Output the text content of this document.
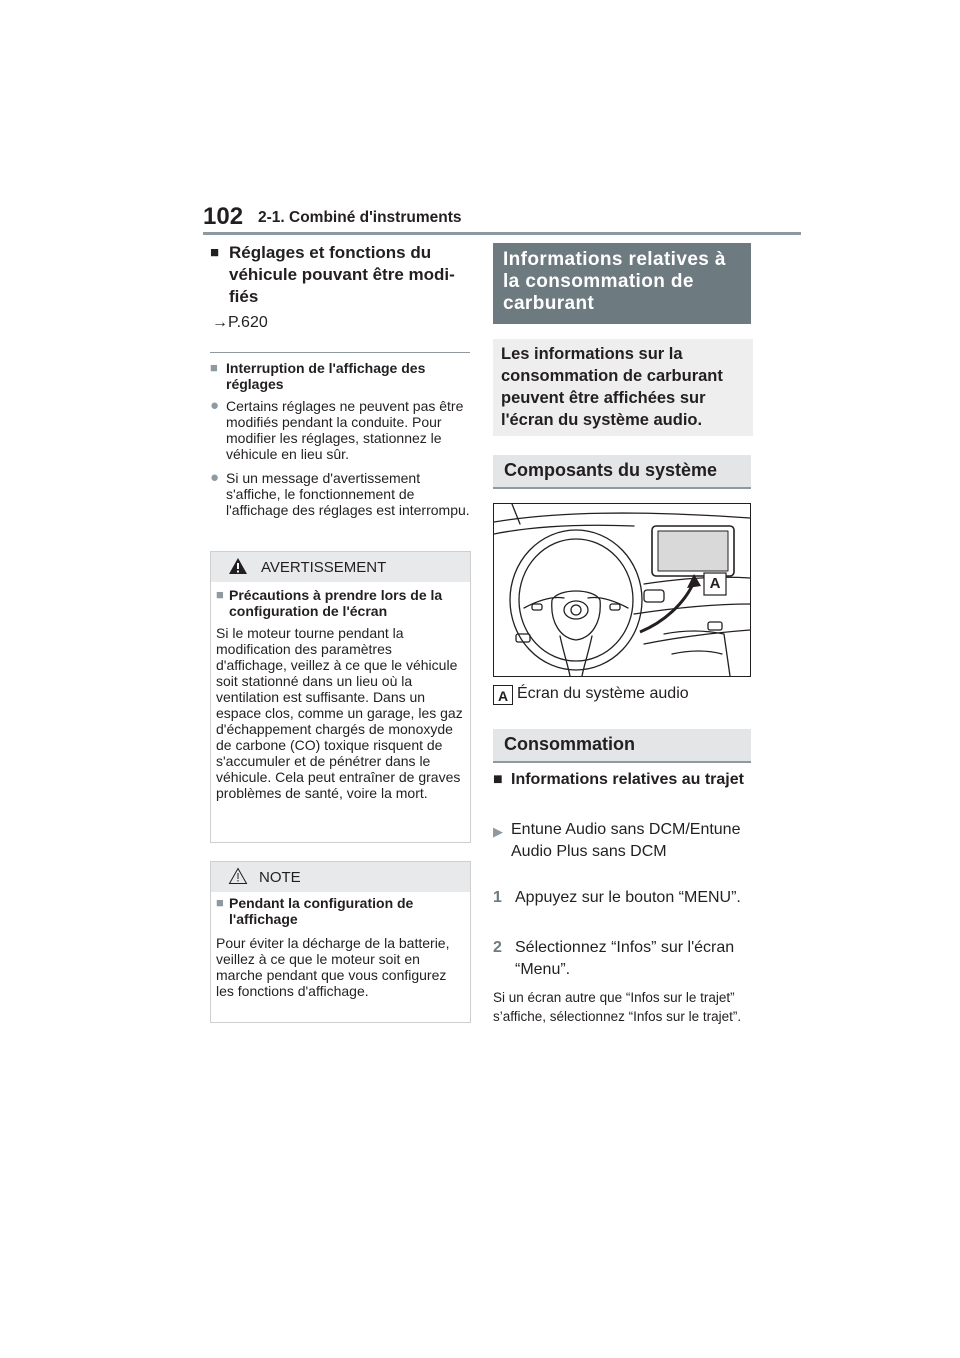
102 2-1. Combiné d'instruments
■ Réglages et fonctions du véhicule pouvant être modifiés
→P.620
■ Interruption de l'affichage des réglages
● Certains réglages ne peuvent pas être modifiés pendant la conduite. Pour modifier les réglages, stationnez le véhicule en lieu sûr.
● Si un message d'avertissement s'affiche, le fonctionnement de l'affichage des réglages est interrompu.
AVERTISSEMENT
■ Précautions à prendre lors de la configuration de l'écran
Si le moteur tourne pendant la modification des paramètres d'affichage, veillez à ce que le véhicule soit stationné dans un lieu où la ventilation est suffisante. Dans un espace clos, comme un garage, les gaz d'échappement chargés de monoxyde de carbone (CO) toxique risquent de s'accumuler et de pénétrer dans le véhicule. Cela peut entraîner de graves problèmes de santé, voire la mort.
NOTE
■ Pendant la configuration de l'affichage
Pour éviter la décharge de la batterie, veillez à ce que le moteur soit en marche pendant que vous configurez les fonctions d'affichage.
Informations relatives à la consommation de carburant
Les informations sur la consommation de carburant peuvent être affichées sur l'écran du système audio.
Composants du système
A
A Écran du système audio
Consommation
■ Informations relatives au trajet
▶ Entune Audio sans DCM/Entune Audio Plus sans DCM
1 Appuyez sur le bouton “MENU”.
2 Sélectionnez “Infos” sur l'écran “Menu”.
Si un écran autre que “Infos sur le trajet” s’affiche, sélectionnez “Infos sur le trajet”.
